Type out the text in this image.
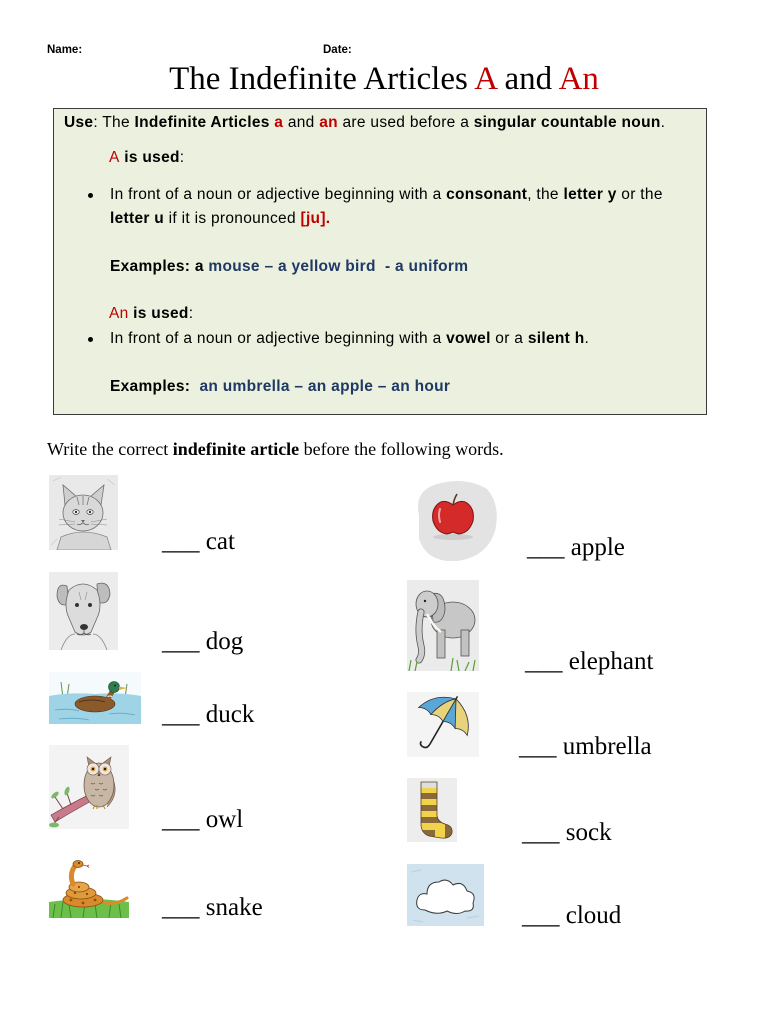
Name:	Date:
The Indefinite Articles A and An
Use: The Indefinite Articles a and an are used before a singular countable noun.
A is used:
In front of a noun or adjective beginning with a consonant, the letter y or the
letter u if it is pronounced [ju].
Examples: a mouse – a yellow bird  - a uniform
An is used:
In front of a noun or adjective beginning with a vowel or a silent h.
Examples:  an umbrella – an apple – an hour
Write the correct indefinite article before the following words.
___ cat
___ dog
___ duck
___ owl
___ snake
___ apple
___ elephant
___ umbrella
___ sock
___ cloud
